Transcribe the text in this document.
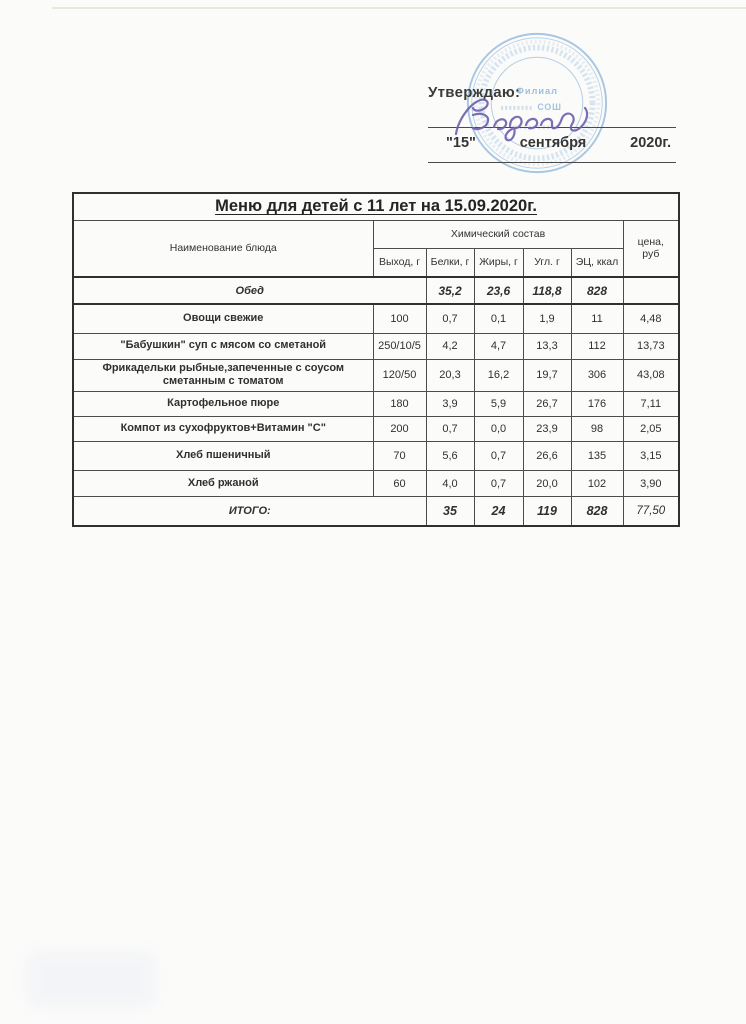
Филиал
СОШ
Утверждаю:
"15"	сентября	2020г.
Меню для детей с 11 лет на 15.09.2020г.						
Наименование блюда	Химический состав					цена,
руб

	Выход, г	Белки, г	Жиры, г	Угл. г	ЭЦ, ккал	
Обед		35,2	23,6	118,8	828	
Овощи свежие	100	0,7	0,1	1,9	11	4,48
"Бабушкин" суп с мясом со сметаной	250/10/5	4,2	4,7	13,3	112	13,73
Фрикадельки рыбные,запеченные с соусом сметанным с томатом	120/50	20,3	16,2	19,7	306	43,08
Картофельное пюре	180	3,9	5,9	26,7	176	7,11
Компот из сухофруктов+Витамин "С"	200	0,7	0,0	23,9	98	2,05
Хлеб пшеничный	70	5,6	0,7	26,6	135	3,15
Хлеб ржаной	60	4,0	0,7	20,0	102	3,90
ИТОГО:		35	24	119	828	77,50
